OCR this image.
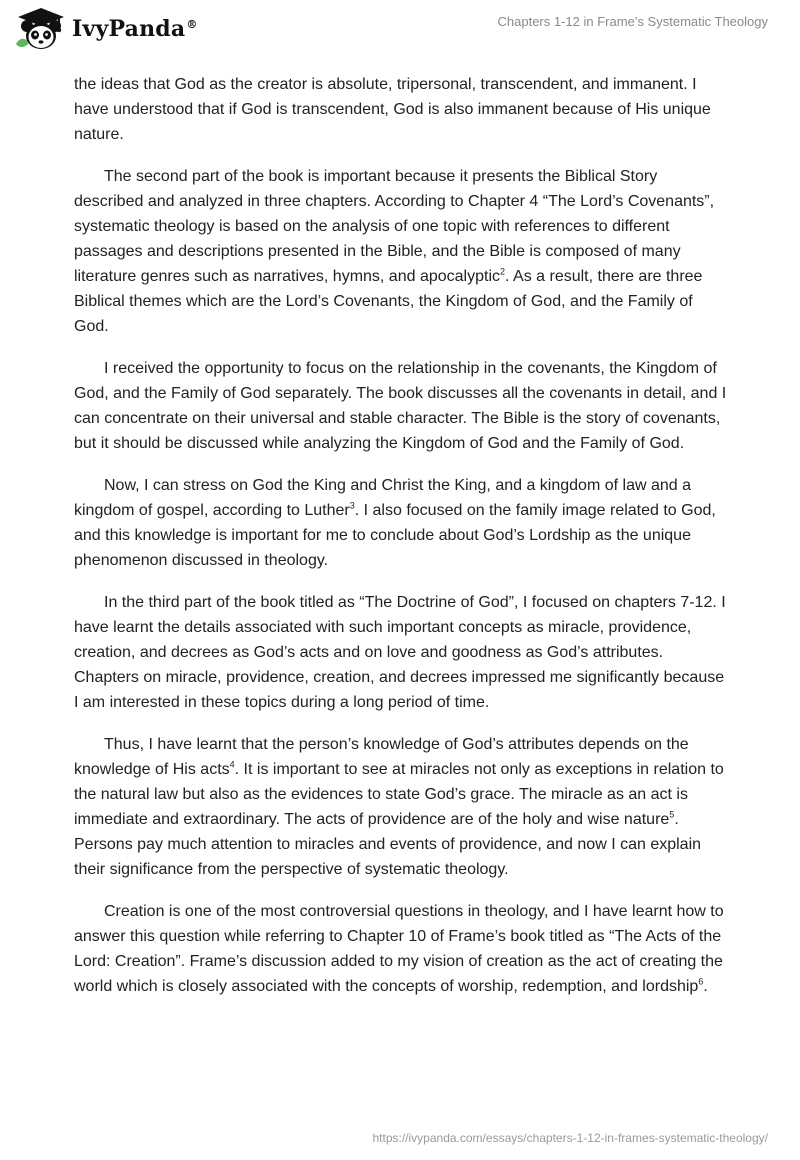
IvyPanda®	Chapters 1-12 in Frame’s Systematic Theology

the ideas that God as the creator is absolute, tripersonal, transcendent, and immanent. I have understood that if God is transcendent, God is also immanent because of His unique nature.

The second part of the book is important because it presents the Biblical Story described and analyzed in three chapters. According to Chapter 4 “The Lord’s Covenants”, systematic theology is based on the analysis of one topic with references to different passages and descriptions presented in the Bible, and the Bible is composed of many literature genres such as narratives, hymns, and apocalyptic$^2$. As a result, there are three Biblical themes which are the Lord’s Covenants, the Kingdom of God, and the Family of God.

I received the opportunity to focus on the relationship in the covenants, the Kingdom of God, and the Family of God separately. The book discusses all the covenants in detail, and I can concentrate on their universal and stable character. The Bible is the story of covenants, but it should be discussed while analyzing the Kingdom of God and the Family of God.

Now, I can stress on God the King and Christ the King, and a kingdom of law and a kingdom of gospel, according to Luther$^3$. I also focused on the family image related to God, and this knowledge is important for me to conclude about God’s Lordship as the unique phenomenon discussed in theology.

In the third part of the book titled as “The Doctrine of God”, I focused on chapters 7-12. I have learnt the details associated with such important concepts as miracle, providence, creation, and decrees as God’s acts and on love and goodness as God’s attributes. Chapters on miracle, providence, creation, and decrees impressed me significantly because I am interested in these topics during a long period of time.

Thus, I have learnt that the person’s knowledge of God’s attributes depends on the knowledge of His acts$^4$. It is important to see at miracles not only as exceptions in relation to the natural law but also as the evidences to state God’s grace. The miracle as an act is immediate and extraordinary. The acts of providence are of the holy and wise nature$^5$. Persons pay much attention to miracles and events of providence, and now I can explain their significance from the perspective of systematic theology.

Creation is one of the most controversial questions in theology, and I have learnt how to answer this question while referring to Chapter 10 of Frame’s book titled as “The Acts of the Lord: Creation”. Frame’s discussion added to my vision of creation as the act of creating the world which is closely associated with the concepts of worship, redemption, and lordship$^6$.

https://ivypanda.com/essays/chapters-1-12-in-frames-systematic-theology/
